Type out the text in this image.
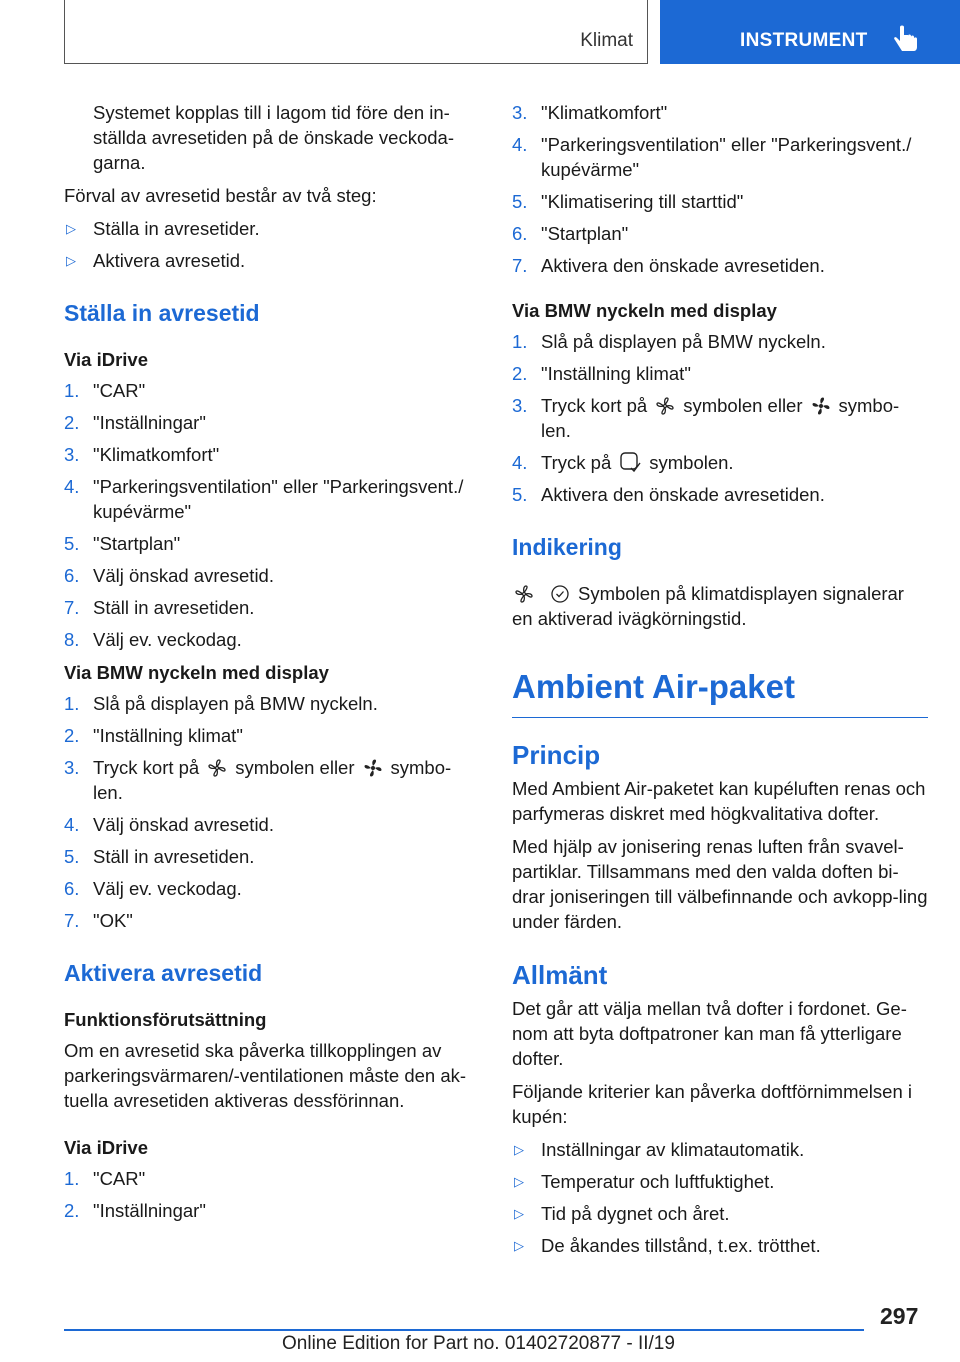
Klimat	INSTRUMENT

Systemet kopplas till i lagom tid före den in-ställda avresetiden på de önskade veckoda-garna.

Förval av avresetid består av två steg:

▷ Ställa in avresetider.
▷ Aktivera avresetid.
Ställa in avresetid
Via iDrive
1. "CAR"
2. "Inställningar"
3. "Klimatkomfort"
4. "Parkeringsventilation" eller "Parkeringsvent./ kupévärme"
5. "Startplan"
6. Välj önskad avresetid.
7. Ställ in avresetiden.
8. Välj ev. veckodag.
Via BMW nyckeln med display
1. Slå på displayen på BMW nyckeln.
2. "Inställning klimat"
3. Tryck kort på symbolen eller symbo-len.
4. Välj önskad avresetid.
5. Ställ in avresetiden.
6. Välj ev. veckodag.
7. "OK"
Aktivera avresetid
Funktionsförutsättning

Om en avresetid ska påverka tillkopplingen av parkeringsvärmaren/-ventilationen måste den ak-tuella avresetiden aktiveras dessförinnan.

Via iDrive
1. "CAR"
2. "Inställningar"
3. "Klimatkomfort"
4. "Parkeringsventilation" eller "Parkeringsvent./ kupévärme"
5. "Klimatisering till starttid"
6. "Startplan"
7. Aktivera den önskade avresetiden.
Via BMW nyckeln med display
1. Slå på displayen på BMW nyckeln.
2. "Inställning klimat"
3. Tryck kort på symbolen eller symbo-len.
4. Tryck på symbolen.
5. Aktivera den önskade avresetiden.
Indikering

Symbolen på klimatdisplayen signalerar en aktiverad ivägkörningstid.

Ambient Air-paket
Princip

Med Ambient Air-paketet kan kupéluften renas och parfymeras diskret med högkvalitativa dofter.

Med hjälp av jonisering renas luften från svavel-partiklar. Tillsammans med den valda doften bi-drar joniseringen till välbefinnande och avkopp-ling under färden.

Allmänt

Det går att välja mellan två dofter i fordonet. Ge-nom att byta doftpatroner kan man få ytterligare dofter.

Följande kriterier kan påverka doftförnimmelsen i kupén:

▷ Inställningar av klimatautomatik.
▷ Temperatur och luftfuktighet.
▷ Tid på dygnet och året.
▷ De åkandes tillstånd, t.ex. trötthet.
297
Online Edition for Part no. 01402720877 - II/19
